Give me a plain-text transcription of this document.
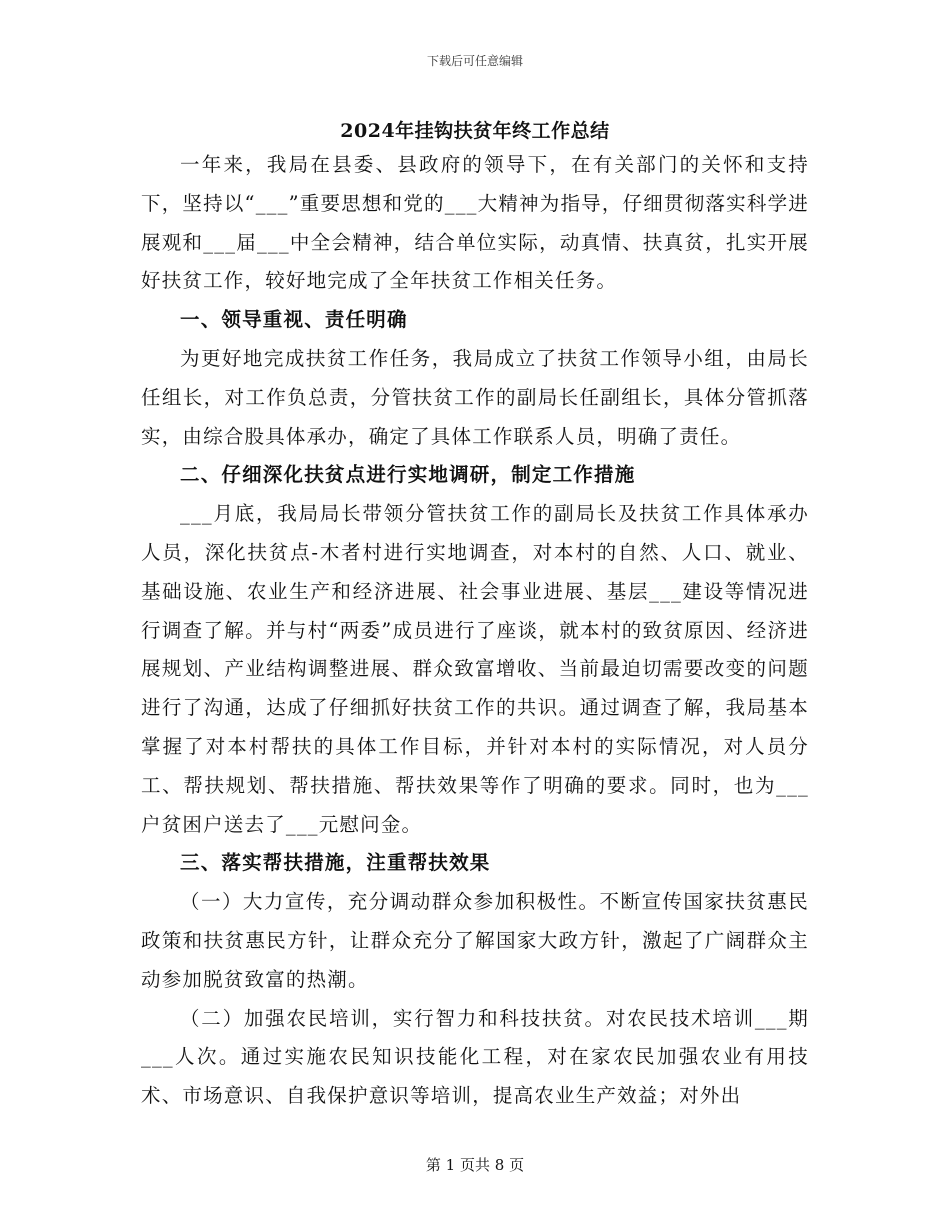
下载后可任意编辑
2024年挂钩扶贫年终工作总结

一年来，我局在县委、县政府的领导下，在有关部门的关怀和支持下，坚持以“___”重要思想和党的___大精神为指导，仔细贯彻落实科学进展观和___届___中全会精神，结合单位实际，动真情、扶真贫，扎实开展好扶贫工作，较好地完成了全年扶贫工作相关任务。

一、领导重视、责任明确

为更好地完成扶贫工作任务，我局成立了扶贫工作领导小组，由局长任组长，对工作负总责，分管扶贫工作的副局长任副组长，具体分管抓落实，由综合股具体承办，确定了具体工作联系人员，明确了责任。

二、仔细深化扶贫点进行实地调研，制定工作措施

___月底，我局局长带领分管扶贫工作的副局长及扶贫工作具体承办人员，深化扶贫点-木者村进行实地调查，对本村的自然、人口、就业、基础设施、农业生产和经济进展、社会事业进展、基层___建设等情况进行调查了解。并与村“两委”成员进行了座谈，就本村的致贫原因、经济进展规划、产业结构调整进展、群众致富增收、当前最迫切需要改变的问题进行了沟通，达成了仔细抓好扶贫工作的共识。通过调查了解，我局基本掌握了对本村帮扶的具体工作目标，并针对本村的实际情况，对人员分工、帮扶规划、帮扶措施、帮扶效果等作了明确的要求。同时，也为___户贫困户送去了___元慰问金。

三、落实帮扶措施，注重帮扶效果

（一）大力宣传，充分调动群众参加积极性。不断宣传国家扶贫惠民政策和扶贫惠民方针，让群众充分了解国家大政方针，激起了广阔群众主动参加脱贫致富的热潮。

（二）加强农民培训，实行智力和科技扶贫。对农民技术培训___期___人次。通过实施农民知识技能化工程，对在家农民加强农业有用技术、市场意识、自我保护意识等培训，提高农业生产效益；对外出

第 1 页共 8 页
